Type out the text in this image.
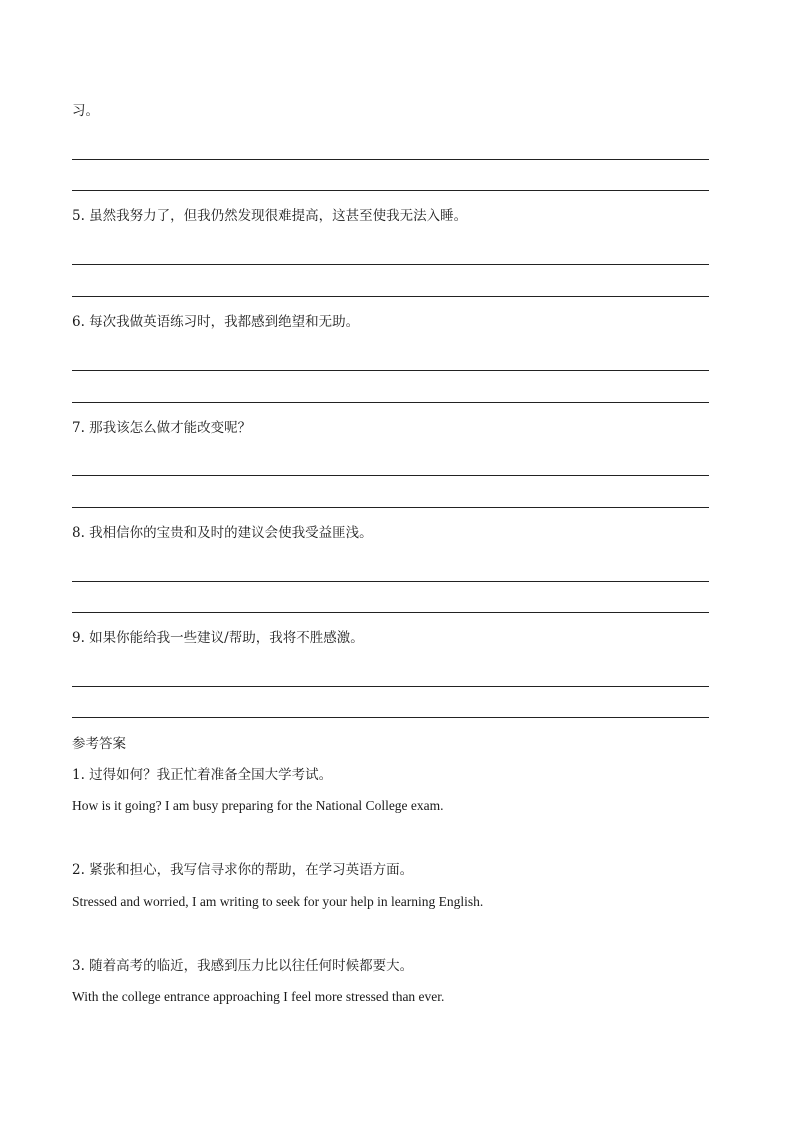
习。
5. 虽然我努力了，但我仍然发现很难提高，这甚至使我无法入睡。
6. 每次我做英语练习时，我都感到绝望和无助。
7. 那我该怎么做才能改变呢？
8. 我相信你的宝贵和及时的建议会使我受益匪浅。
9. 如果你能给我一些建议/帮助，我将不胜感激。
参考答案
1. 过得如何？我正忙着准备全国大学考试。
How is it going? I am busy preparing for the National College exam.
2. 紧张和担心，我写信寻求你的帮助，在学习英语方面。
Stressed and worried, I am writing to seek for your help in learning English.
3. 随着高考的临近，我感到压力比以往任何时候都要大。
With the college entrance approaching I feel more stressed than ever.
